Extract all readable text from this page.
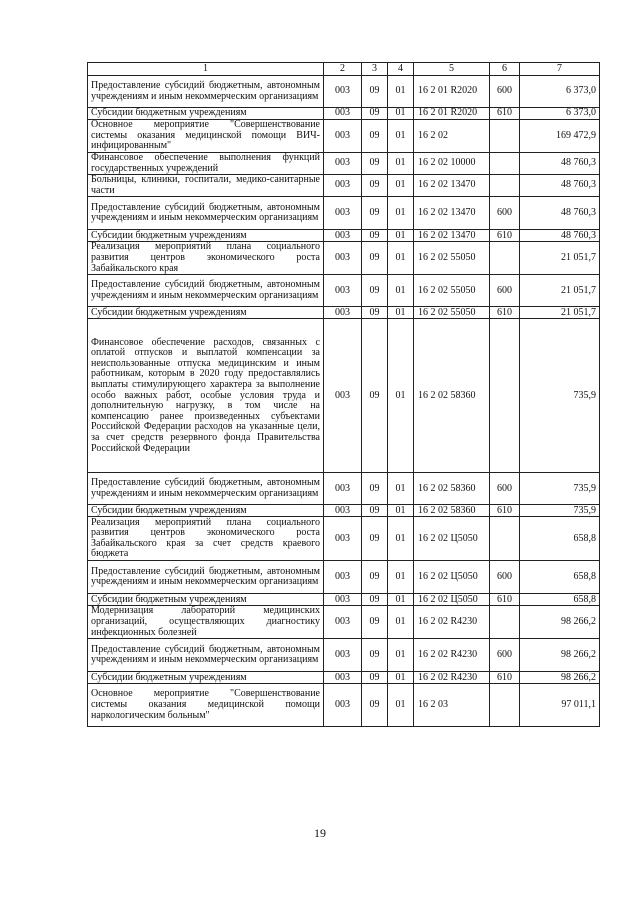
1	2	3	4	5	6	7
Предоставление субсидий бюджетным, автономным учреждениям и иным некоммерческим организациям	003	09	01	16 2 01 R2020	600	6 373,0
Субсидии бюджетным учреждениям	003	09	01	16 2 01 R2020	610	6 373,0
Основное мероприятие "Совершенствование системы оказания медицинской помощи ВИЧ-инфицированным"	003	09	01	16 2 02		169 472,9
Финансовое обеспечение выполнения функций государственных учреждений	003	09	01	16 2 02 10000		48 760,3
Больницы, клиники, госпитали, медико-санитарные части	003	09	01	16 2 02 13470		48 760,3
Предоставление субсидий бюджетным, автономным учреждениям и иным некоммерческим организациям	003	09	01	16 2 02 13470	600	48 760,3
Субсидии бюджетным учреждениям	003	09	01	16 2 02 13470	610	48 760,3
Реализация мероприятий плана социального развития центров экономического роста Забайкальского края	003	09	01	16 2 02 55050		21 051,7
Предоставление субсидий бюджетным, автономным учреждениям и иным некоммерческим организациям	003	09	01	16 2 02 55050	600	21 051,7
Субсидии бюджетным учреждениям	003	09	01	16 2 02 55050	610	21 051,7
Финансовое обеспечение расходов, связанных с оплатой отпусков и выплатой компенсации за неиспользованные отпуска медицинским и иным работникам, которым в 2020 году предоставлялись выплаты стимулирующего характера за выполнение особо важных работ, особые условия труда и дополнительную нагрузку, в том числе на компенсацию ранее произведенных субъектами Российской Федерации расходов на указанные цели, за счет средств резервного фонда Правительства Российской Федерации	003	09	01	16 2 02 58360		735,9
Предоставление субсидий бюджетным, автономным учреждениям и иным некоммерческим организациям	003	09	01	16 2 02 58360	600	735,9
Субсидии бюджетным учреждениям	003	09	01	16 2 02 58360	610	735,9
Реализация мероприятий плана социального развития центров экономического роста Забайкальского края за счет средств краевого бюджета	003	09	01	16 2 02 Ц5050		658,8
Предоставление субсидий бюджетным, автономным учреждениям и иным некоммерческим организациям	003	09	01	16 2 02 Ц5050	600	658,8
Субсидии бюджетным учреждениям	003	09	01	16 2 02 Ц5050	610	658,8
Модернизация лабораторий медицинских организаций, осуществляющих диагностику инфекционных болезней	003	09	01	16 2 02 R4230		98 266,2
Предоставление субсидий бюджетным, автономным учреждениям и иным некоммерческим организациям	003	09	01	16 2 02 R4230	600	98 266,2
Субсидии бюджетным учреждениям	003	09	01	16 2 02 R4230	610	98 266,2
Основное мероприятие "Совершенствование системы оказания медицинской помощи наркологическим больным"	003	09	01	16 2 03		97 011,1
19
